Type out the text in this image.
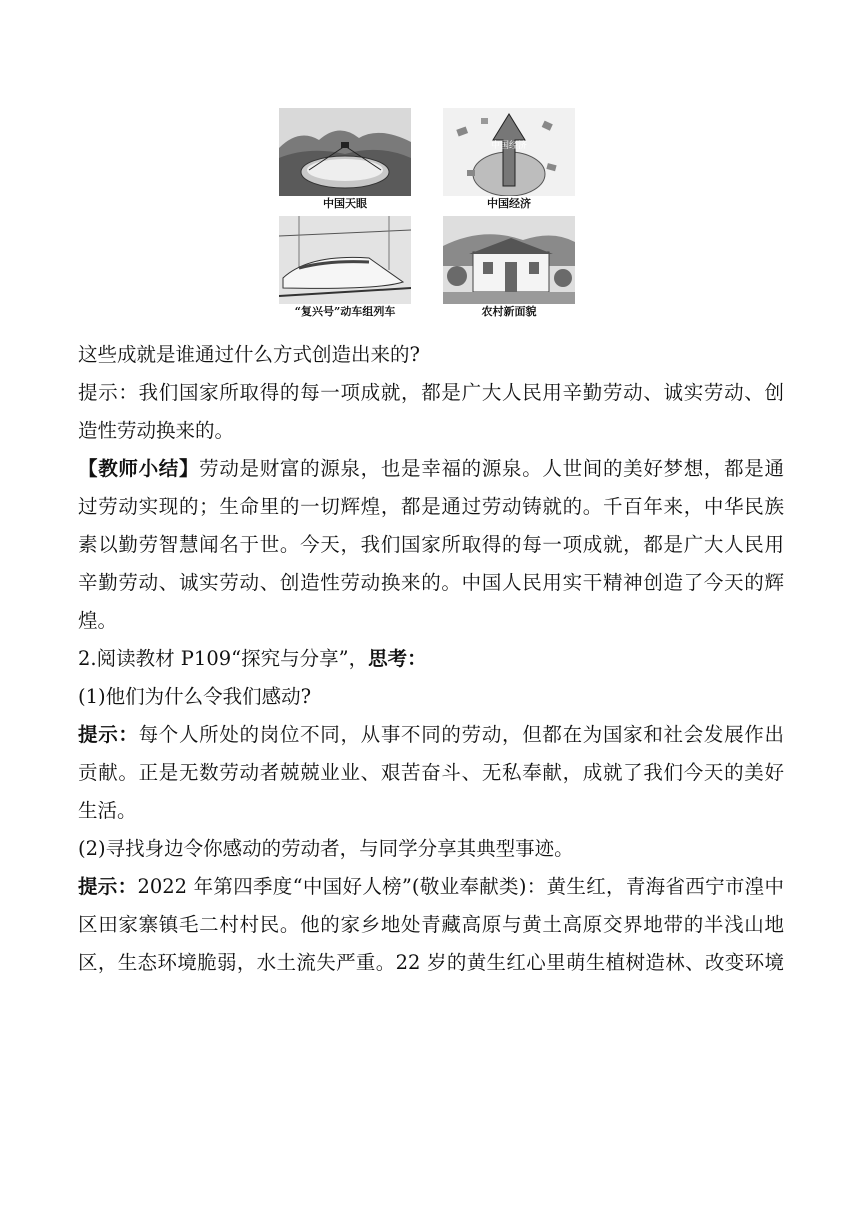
中国天眼
中国经济
中国经济
“复兴号”动车组列车	农村新面貌
这些成就是谁通过什么方式创造出来的?
提示：我们国家所取得的每一项成就，都是广大人民用辛勤劳动、诚实劳动、创
造性劳动换来的。
【教师小结】劳动是财富的源泉，也是幸福的源泉。人世间的美好梦想，都是通
过劳动实现的；生命里的一切辉煌，都是通过劳动铸就的。千百年来，中华民族
素以勤劳智慧闻名于世。今天，我们国家所取得的每一项成就，都是广大人民用
辛勤劳动、诚实劳动、创造性劳动换来的。中国人民用实干精神创造了今天的辉
煌。
2.阅读教材 P109“探究与分享”，思考：
(1)他们为什么令我们感动?
提示：每个人所处的岗位不同，从事不同的劳动，但都在为国家和社会发展作出
贡献。正是无数劳动者兢兢业业、艰苦奋斗、无私奉献，成就了我们今天的美好
生活。
(2)寻找身边令你感动的劳动者，与同学分享其典型事迹。
提示：2022 年第四季度“中国好人榜”(敬业奉献类)：黄生红，青海省西宁市湟中
区田家寨镇毛二村村民。他的家乡地处青藏高原与黄土高原交界地带的半浅山地
区，生态环境脆弱，水土流失严重。22 岁的黄生红心里萌生植树造林、改变环境
